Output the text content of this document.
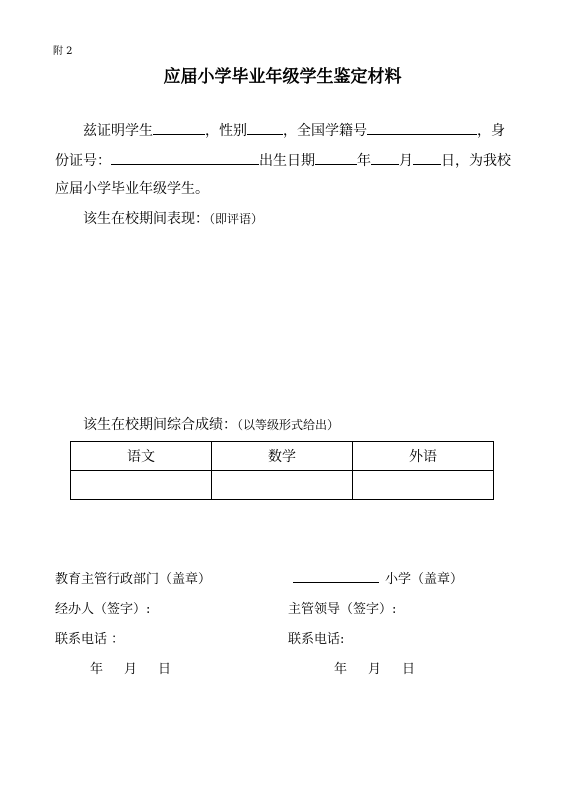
附 2
应届小学毕业年级学生鉴定材料
兹证明学生	，性别	，全国学籍号	，身
份证号：	出生日期	年 月 日，为我校
应届小学毕业年级学生。
该生在校期间表现：（即评语）
该生在校期间综合成绩：（以等级形式给出）
语文	数学	外语

教育主管行政部门（盖章）
经办人（签字）:
联系电话 ：
年 月 日
小学（盖章）
主管领导（签字）:
联系电话:
年 月 日
